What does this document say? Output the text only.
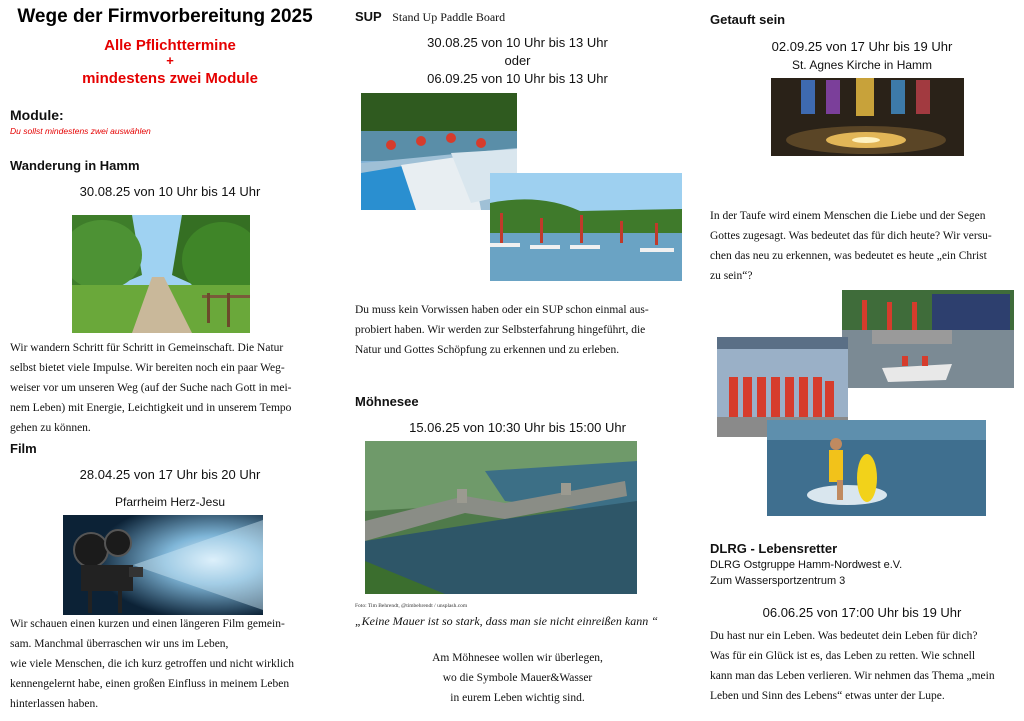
Wege der Firmvorbereitung 2025
Alle Pflichttermine
+
mindestens zwei Module
Module:
Du sollst mindestens zwei auswählen
Wanderung in Hamm
30.08.25 von 10 Uhr bis 14 Uhr
Wir wandern Schritt für Schritt in Gemeinschaft. Die Natur
selbst bietet viele Impulse. Wir bereiten noch ein paar Weg-
weiser vor um unseren Weg (auf der Suche nach Gott in mei-
nem Leben) mit Energie, Leichtigkeit und in unserem Tempo
gehen zu können.
Film
28.04.25 von 17 Uhr bis 20 Uhr
Pfarrheim Herz-Jesu
Wir schauen einen kurzen und einen längeren Film gemein-
sam. Manchmal überraschen wir uns im Leben,
wie viele Menschen, die ich kurz getroffen und nicht wirklich
kennengelernt habe, einen großen Einfluss in meinem Leben
hinterlassen haben.
SUP Stand Up Paddle Board
30.08.25 von 10 Uhr bis 13 Uhr
oder
06.09.25 von 10 Uhr bis 13 Uhr
Du muss kein Vorwissen haben oder ein SUP schon einmal aus-
probiert haben. Wir werden zur Selbsterfahrung hingeführt, die
Natur und Gottes Schöpfung zu erkennen und zu erleben.
Möhnesee
15.06.25 von 10:30 Uhr bis 15:00 Uhr
Foto: Tim Behrendt, @timbehrendt / unsplash.com
„Keine Mauer ist so stark, dass man sie nicht einreißen kann “
Am Möhnesee wollen wir überlegen,
wo die Symbole Mauer&Wasser
in eurem Leben wichtig sind.
Getauft sein
02.09.25 von 17 Uhr bis 19 Uhr
St. Agnes Kirche in Hamm
In der Taufe wird einem Menschen die Liebe und der Segen
Gottes zugesagt. Was bedeutet das für dich heute? Wir versu-
chen das neu zu erkennen, was bedeutet es heute „ein Christ
zu sein“?
DLRG - Lebensretter
DLRG Ostgruppe Hamm-Nordwest e.V.
Zum Wassersportzentrum 3
06.06.25 von 17:00 Uhr bis 19 Uhr
Du hast nur ein Leben. Was bedeutet dein Leben für dich?
Was für ein Glück ist es, das Leben zu retten. Wie schnell
kann man das Leben verlieren. Wir nehmen das Thema „mein
Leben und Sinn des Lebens“ etwas unter der Lupe.
